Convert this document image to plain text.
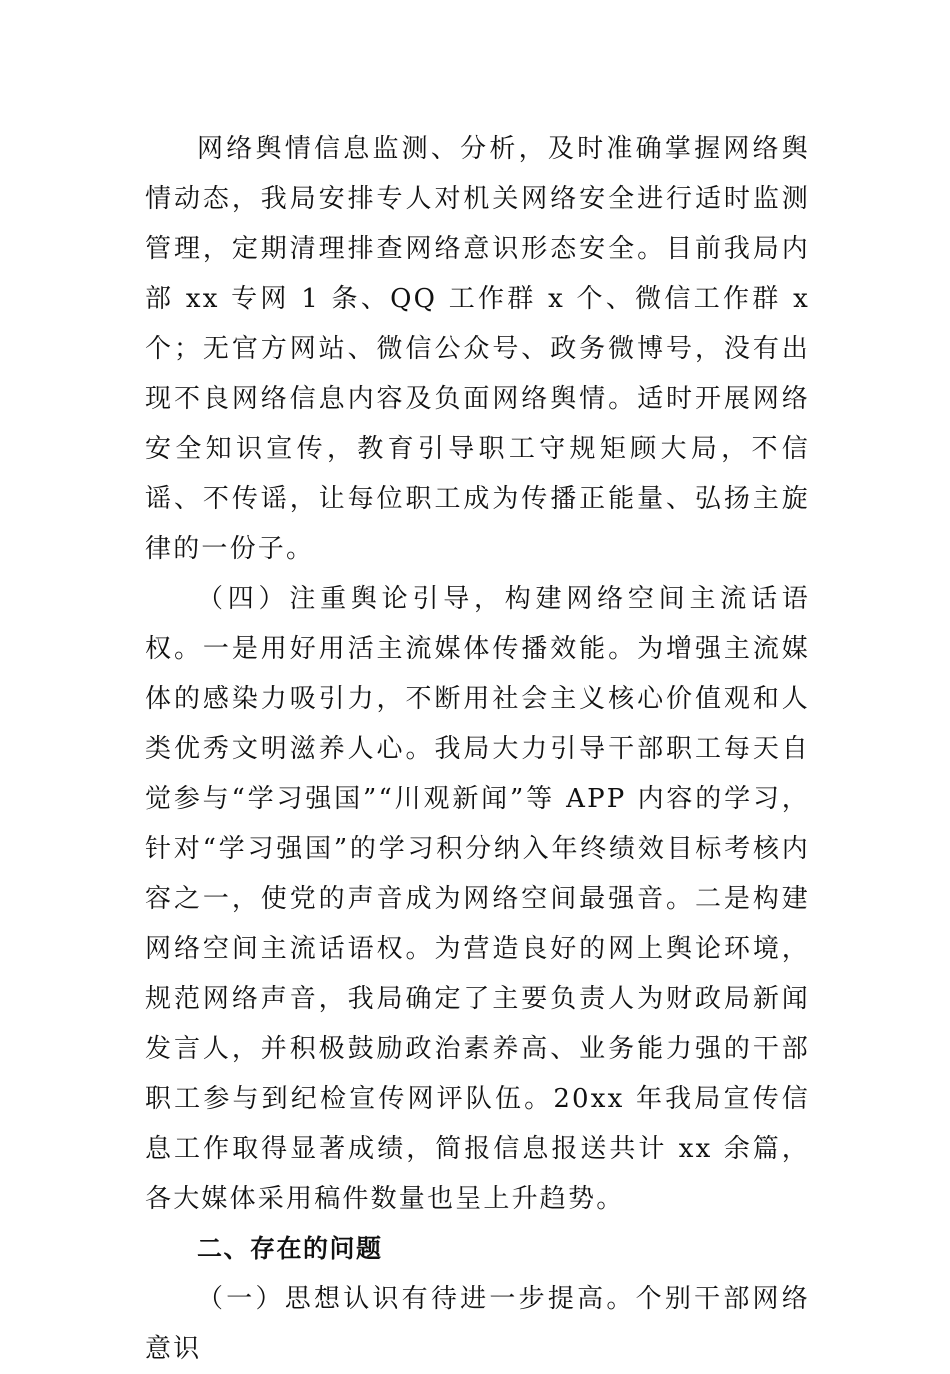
网络舆情信息监测、分析，及时准确掌握网络舆情动态，我局安排专人对机关网络安全进行适时监测管理，定期清理排查网络意识形态安全。目前我局内部 xx 专网 1 条、QQ 工作群 x 个、微信工作群 x 个；无官方网站、微信公众号、政务微博号，没有出现不良网络信息内容及负面网络舆情。适时开展网络安全知识宣传，教育引导职工守规矩顾大局，不信谣、不传谣，让每位职工成为传播正能量、弘扬主旋律的一份子。

（四）注重舆论引导，构建网络空间主流话语权。一是用好用活主流媒体传播效能。为增强主流媒体的感染力吸引力，不断用社会主义核心价值观和人类优秀文明滋养人心。我局大力引导干部职工每天自觉参与“学习强国”“川观新闻”等 APP 内容的学习，针对“学习强国”的学习积分纳入年终绩效目标考核内容之一，使党的声音成为网络空间最强音。二是构建网络空间主流话语权。为营造良好的网上舆论环境，规范网络声音，我局确定了主要负责人为财政局新闻发言人，并积极鼓励政治素养高、业务能力强的干部职工参与到纪检宣传网评队伍。20xx 年我局宣传信息工作取得显著成绩，简报信息报送共计 xx 余篇，各大媒体采用稿件数量也呈上升趋势。

二、存在的问题

（一）思想认识有待进一步提高。个别干部网络意识
